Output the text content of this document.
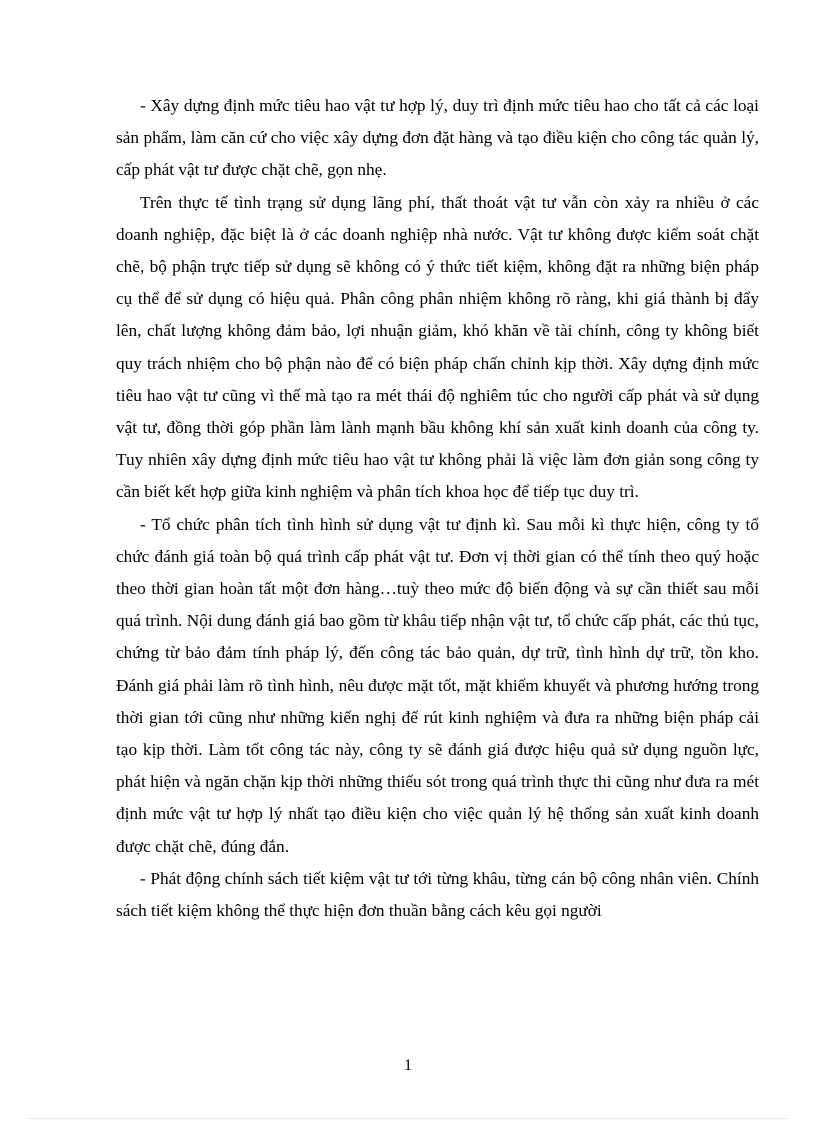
- Xây dựng định mức tiêu hao vật tư hợp lý, duy trì định mức tiêu hao cho tất cả các loại sản phẩm, làm căn cứ cho việc xây dựng đơn đặt hàng và tạo điều kiện cho công tác quản lý, cấp phát vật tư được chặt chẽ, gọn nhẹ.

Trên thực tế tình trạng sử dụng lãng phí, thất thoát vật tư vẫn còn xảy ra nhiều ở các doanh nghiệp, đặc biệt là ở các doanh nghiệp nhà nước. Vật tư không được kiểm soát chặt chẽ, bộ phận trực tiếp sử dụng sẽ không có ý thức tiết kiệm, không đặt ra những biện pháp cụ thể để sử dụng có hiệu quả. Phân công phân nhiệm không rõ ràng, khi giá thành bị đẩy lên, chất lượng không đảm bảo, lợi nhuận giảm, khó khăn về tài chính, công ty không biết quy trách nhiệm cho bộ phận nào để có biện pháp chấn chỉnh kịp thời. Xây dựng định mức tiêu hao vật tư cũng vì thế mà tạo ra mét thái độ nghiêm túc cho người cấp phát và sử dụng vật tư, đồng thời góp phần làm lành mạnh bầu không khí sản xuất kinh doanh của công ty. Tuy nhiên xây dựng định mức tiêu hao vật tư không phải là việc làm đơn giản song công ty cần biết kết hợp giữa kinh nghiệm và phân tích khoa học để tiếp tục duy trì.

- Tổ chức phân tích tình hình sử dụng vật tư định kì. Sau mỗi kì thực hiện, công ty tổ chức đánh giá toàn bộ quá trình cấp phát vật tư. Đơn vị thời gian có thể tính theo quý hoặc theo thời gian hoàn tất một đơn hàng…tuỳ theo mức độ biến động và sự cần thiết sau mỗi quá trình. Nội dung đánh giá bao gồm từ khâu tiếp nhận vật tư, tổ chức cấp phát, các thủ tục, chứng từ bảo đảm tính pháp lý, đến công tác bảo quản, dự trữ, tình hình dự trữ, tồn kho. Đánh giá phải làm rõ tình hình, nêu được mặt tốt, mặt khiếm khuyết và phương hướng trong thời gian tới cũng như những kiến nghị để rút kinh nghiệm và đưa ra những biện pháp cải tạo kịp thời. Làm tốt công tác này, công ty sẽ đánh giá được hiệu quả sử dụng nguồn lực, phát hiện và ngăn chặn kịp thời những thiếu sót trong quá trình thực thi cũng như đưa ra mét định mức vật tư hợp lý nhất tạo điều kiện cho việc quản lý hệ thống sản xuất kinh doanh được chặt chẽ, đúng đắn.

- Phát động chính sách tiết kiệm vật tư tới từng khâu, từng cán bộ công nhân viên. Chính sách tiết kiệm không thể thực hiện đơn thuần bằng cách kêu gọi người

1
